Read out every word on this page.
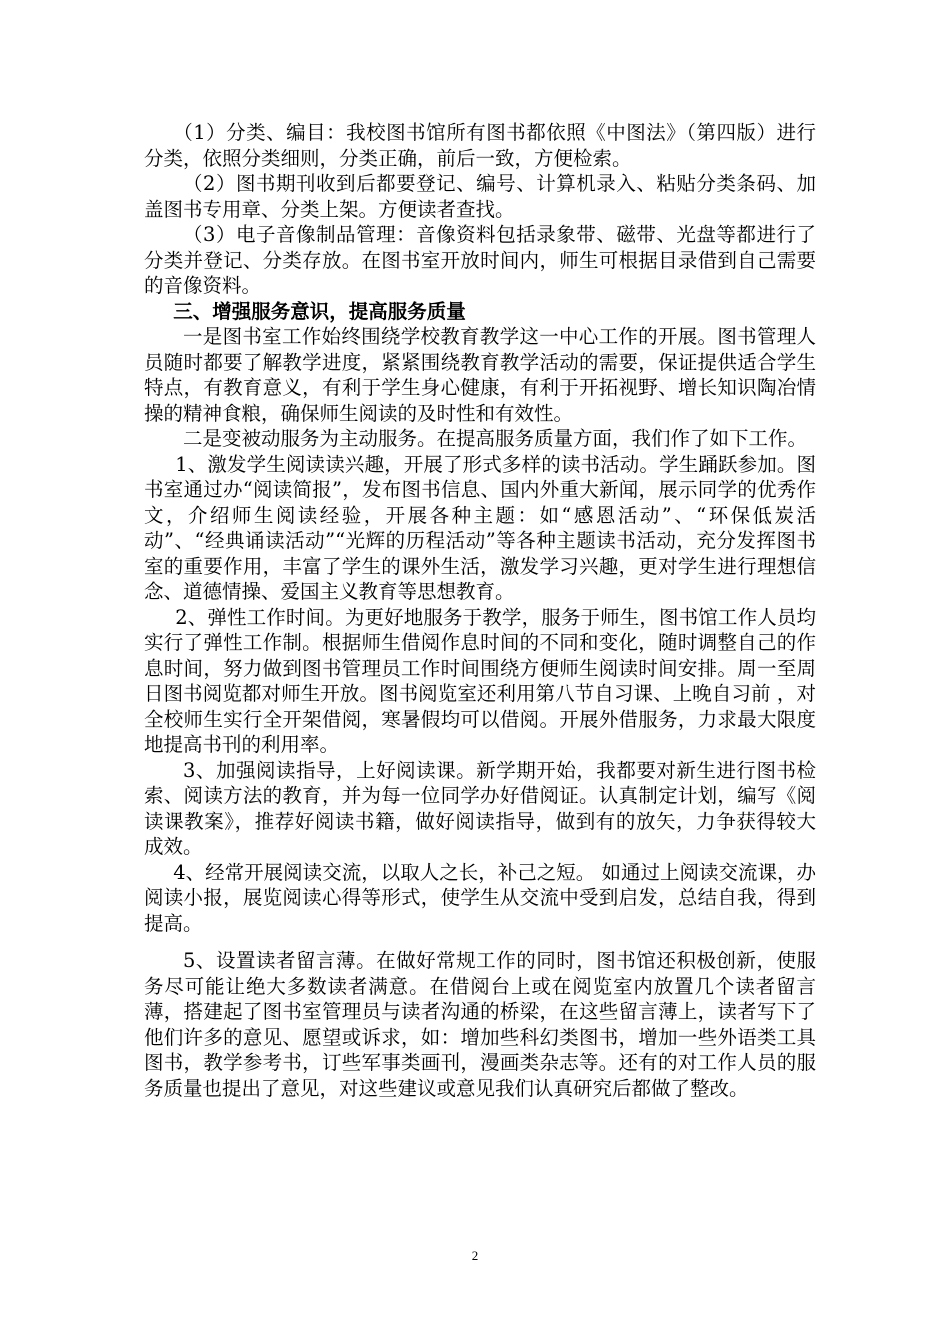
（1）分类、编目：我校图书馆所有图书都依照《中图法》（第四版）进行分类，依照分类细则，分类正确，前后一致，方便检索。

（2）图书期刊收到后都要登记、编号、计算机录入、粘贴分类条码、加盖图书专用章、分类上架。方便读者查找。

（3）电子音像制品管理：音像资料包括录象带、磁带、光盘等都进行了分类并登记、分类存放。在图书室开放时间内，师生可根据目录借到自己需要的音像资料。

三、增强服务意识，提高服务质量

一是图书室工作始终围绕学校教育教学这一中心工作的开展。图书管理人员随时都要了解教学进度，紧紧围绕教育教学活动的需要，保证提供适合学生特点，有教育意义，有利于学生身心健康，有利于开拓视野、增长知识陶冶情操的精神食粮，确保师生阅读的及时性和有效性。

二是变被动服务为主动服务。在提高服务质量方面，我们作了如下工作。

1、激发学生阅读读兴趣，开展了形式多样的读书活动。学生踊跃参加。图书室通过办“阅读简报”，发布图书信息、国内外重大新闻，展示同学的优秀作文，介绍师生阅读经验，开展各种主题：如“感恩活动”、“环保低炭活动”、“经典诵读活动”“光辉的历程活动”等各种主题读书活动，充分发挥图书室的重要作用，丰富了学生的课外生活，激发学习兴趣，更对学生进行理想信念、道德情操、爱国主义教育等思想教育。

2、弹性工作时间。为更好地服务于教学，服务于师生，图书馆工作人员均实行了弹性工作制。根据师生借阅作息时间的不同和变化，随时调整自己的作息时间，努力做到图书管理员工作时间围绕方便师生阅读时间安排。周一至周日图书阅览都对师生开放。图书阅览室还利用第八节自习课、上晚自习前 ，对全校师生实行全开架借阅，寒暑假均可以借阅。开展外借服务，力求最大限度地提高书刊的利用率。

3、加强阅读指导，上好阅读课。新学期开始，我都要对新生进行图书检索、阅读方法的教育，并为每一位同学办好借阅证。认真制定计划，编写《阅读课教案》，推荐好阅读书籍，做好阅读指导，做到有的放矢，力争获得较大成效。

4、经常开展阅读交流，以取人之长，补己之短。 如通过上阅读交流课，办阅读小报，展览阅读心得等形式，使学生从交流中受到启发，总结自我，得到提高。

5、设置读者留言薄。在做好常规工作的同时，图书馆还积极创新，使服务尽可能让绝大多数读者满意。在借阅台上或在阅览室内放置几个读者留言薄，搭建起了图书室管理员与读者沟通的桥梁，在这些留言薄上，读者写下了他们许多的意见、愿望或诉求，如：增加些科幻类图书，增加一些外语类工具图书，教学参考书，订些军事类画刊，漫画类杂志等。还有的对工作人员的服务质量也提出了意见，对这些建议或意见我们认真研究后都做了整改。

2
